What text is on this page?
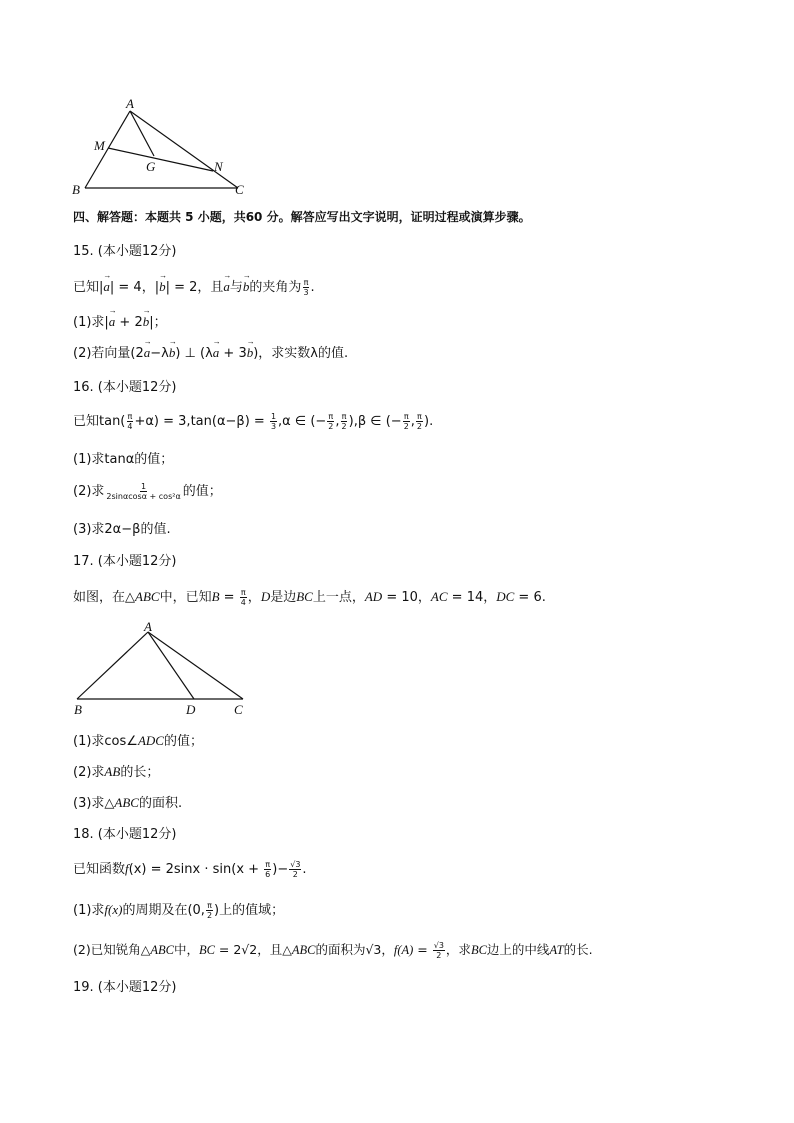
A
M
G	N
B	C
四、解答题：本题共 5 小题，共60 分。解答应写出文字说明，证明过程或演算步骤。
15. (本小题12分)
已知|→ a| = 4，|→ b| = 2，且→ a与→ b的夹角为 $\frac{\pi}{3}$ .
(1)求|→ a + 2→ b|；
(2)若向量(2→ a−λ→ b) ⊥ (λ→ a + 3→ b)，求实数λ的值.
16. (本小题12分)
已知$\tan( \frac{\pi}{4} +\alpha) = 3,\tan(\alpha-\beta) = \frac{1}{3} ,\alpha$ ∈ (− $\frac{\pi}{2}$ , $\frac{\pi}{2} ),\beta$ ∈ (− $\frac{\pi}{2}$ , $\frac{\pi}{2}$ ).
(1)求tanα的值；
(2)求 $\frac{1}{\text{2sinαcosα + cos²α}}$ 的值；
(3)求2α−β的值.
17. (本小题12分)
如图，在△ABC中，已知$B = \frac{\pi}{4}$ ，D是边BC上一点，AD = 10，AC = 14，DC = 6.
A
B	D	C
(1)求cos∠ADC的值；
(2)求AB的长；
(3)求△ABC的面积.
18. (本小题12分)
已知函数$f(x) = 2\sin x \cdot \sin(x + \frac{\pi}{6}$ )− $\frac{√3}{2}$ .
(1)求f(x)的周期及在(0, $\frac{\pi}{2}$ )上的值域；
(2)已知锐角△ABC中，BC = 2√2，且△ABC的面积为√3，$f(A) = \frac{√3}{2}$ ，求BC边上的中线AT的长.
19. (本小题12分)
